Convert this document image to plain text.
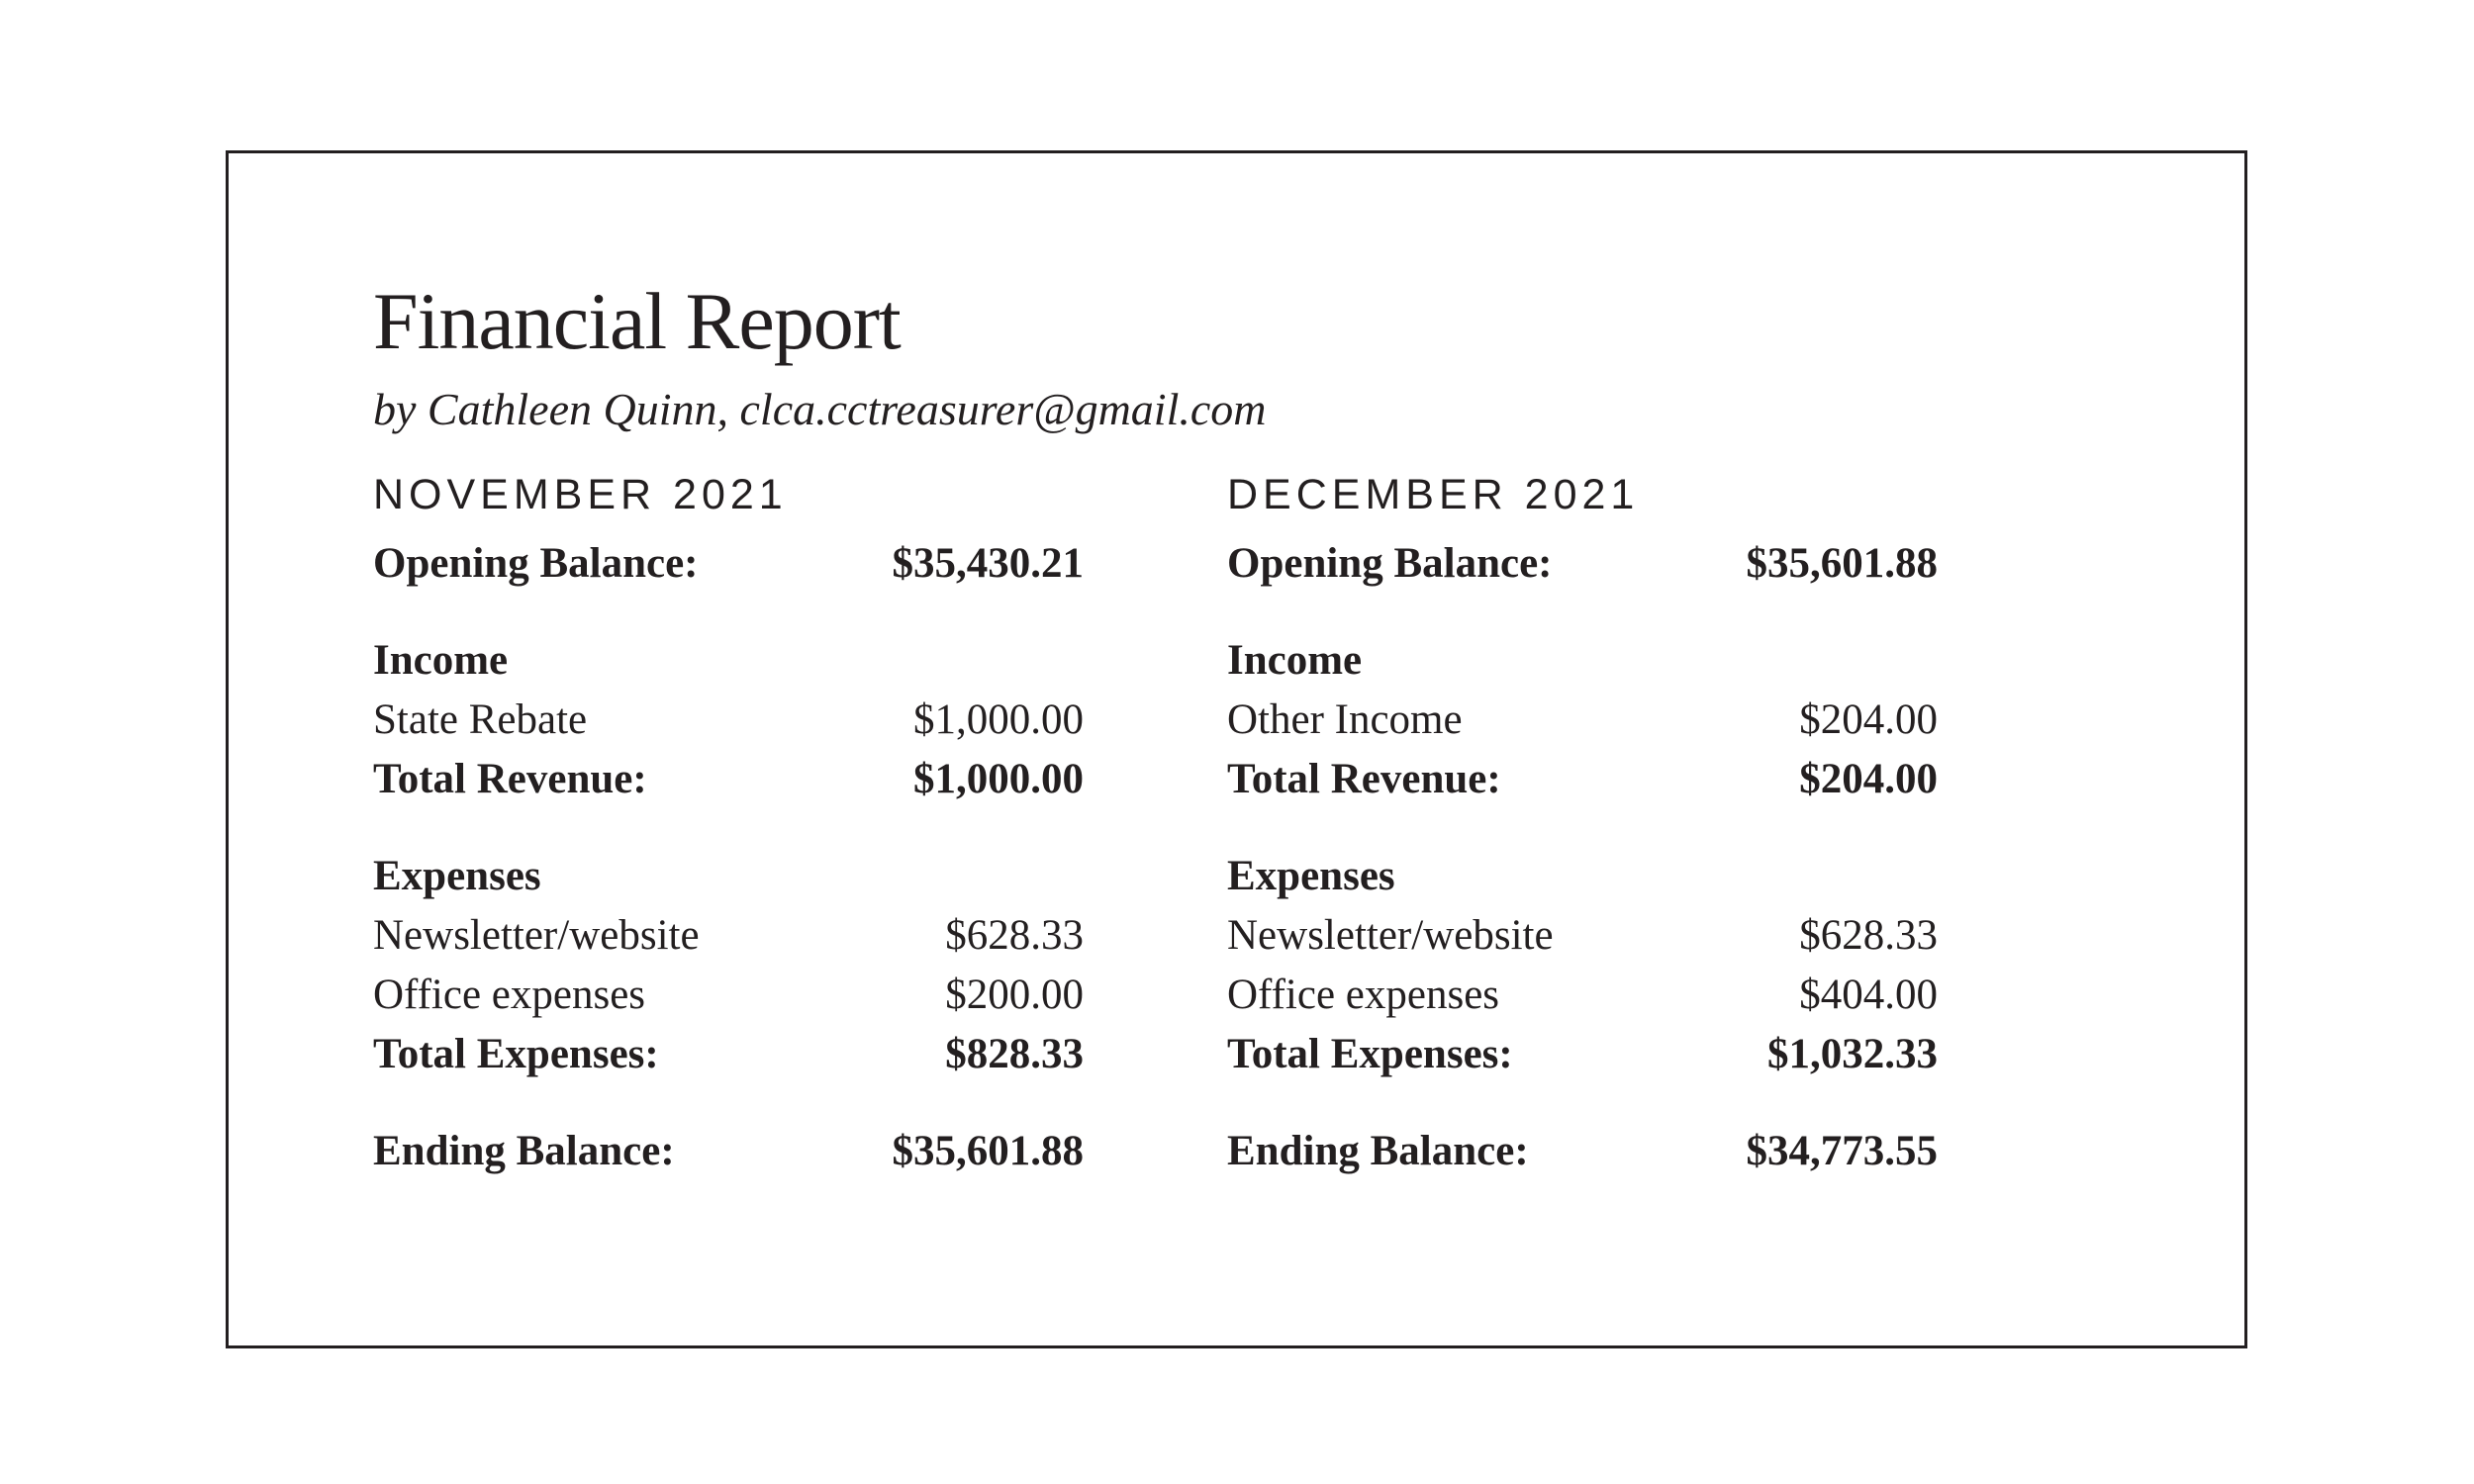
Financial Report
by Cathleen Quinn, clca.cctreasurer@gmail.com
NOVEMBER 2021
Opening Balance:	$35,430.21
Income
State Rebate	$1,000.00
Total Revenue:	$1,000.00
Expenses
Newsletter/website	$628.33
Office expenses	$200.00
Total Expenses:	$828.33
Ending Balance:	$35,601.88
DECEMBER 2021
Opening Balance:	$35,601.88
Income
Other Income	$204.00
Total Revenue:	$204.00
Expenses
Newsletter/website	$628.33
Office expenses	$404.00
Total Expenses:	$1,032.33
Ending Balance:	$34,773.55
